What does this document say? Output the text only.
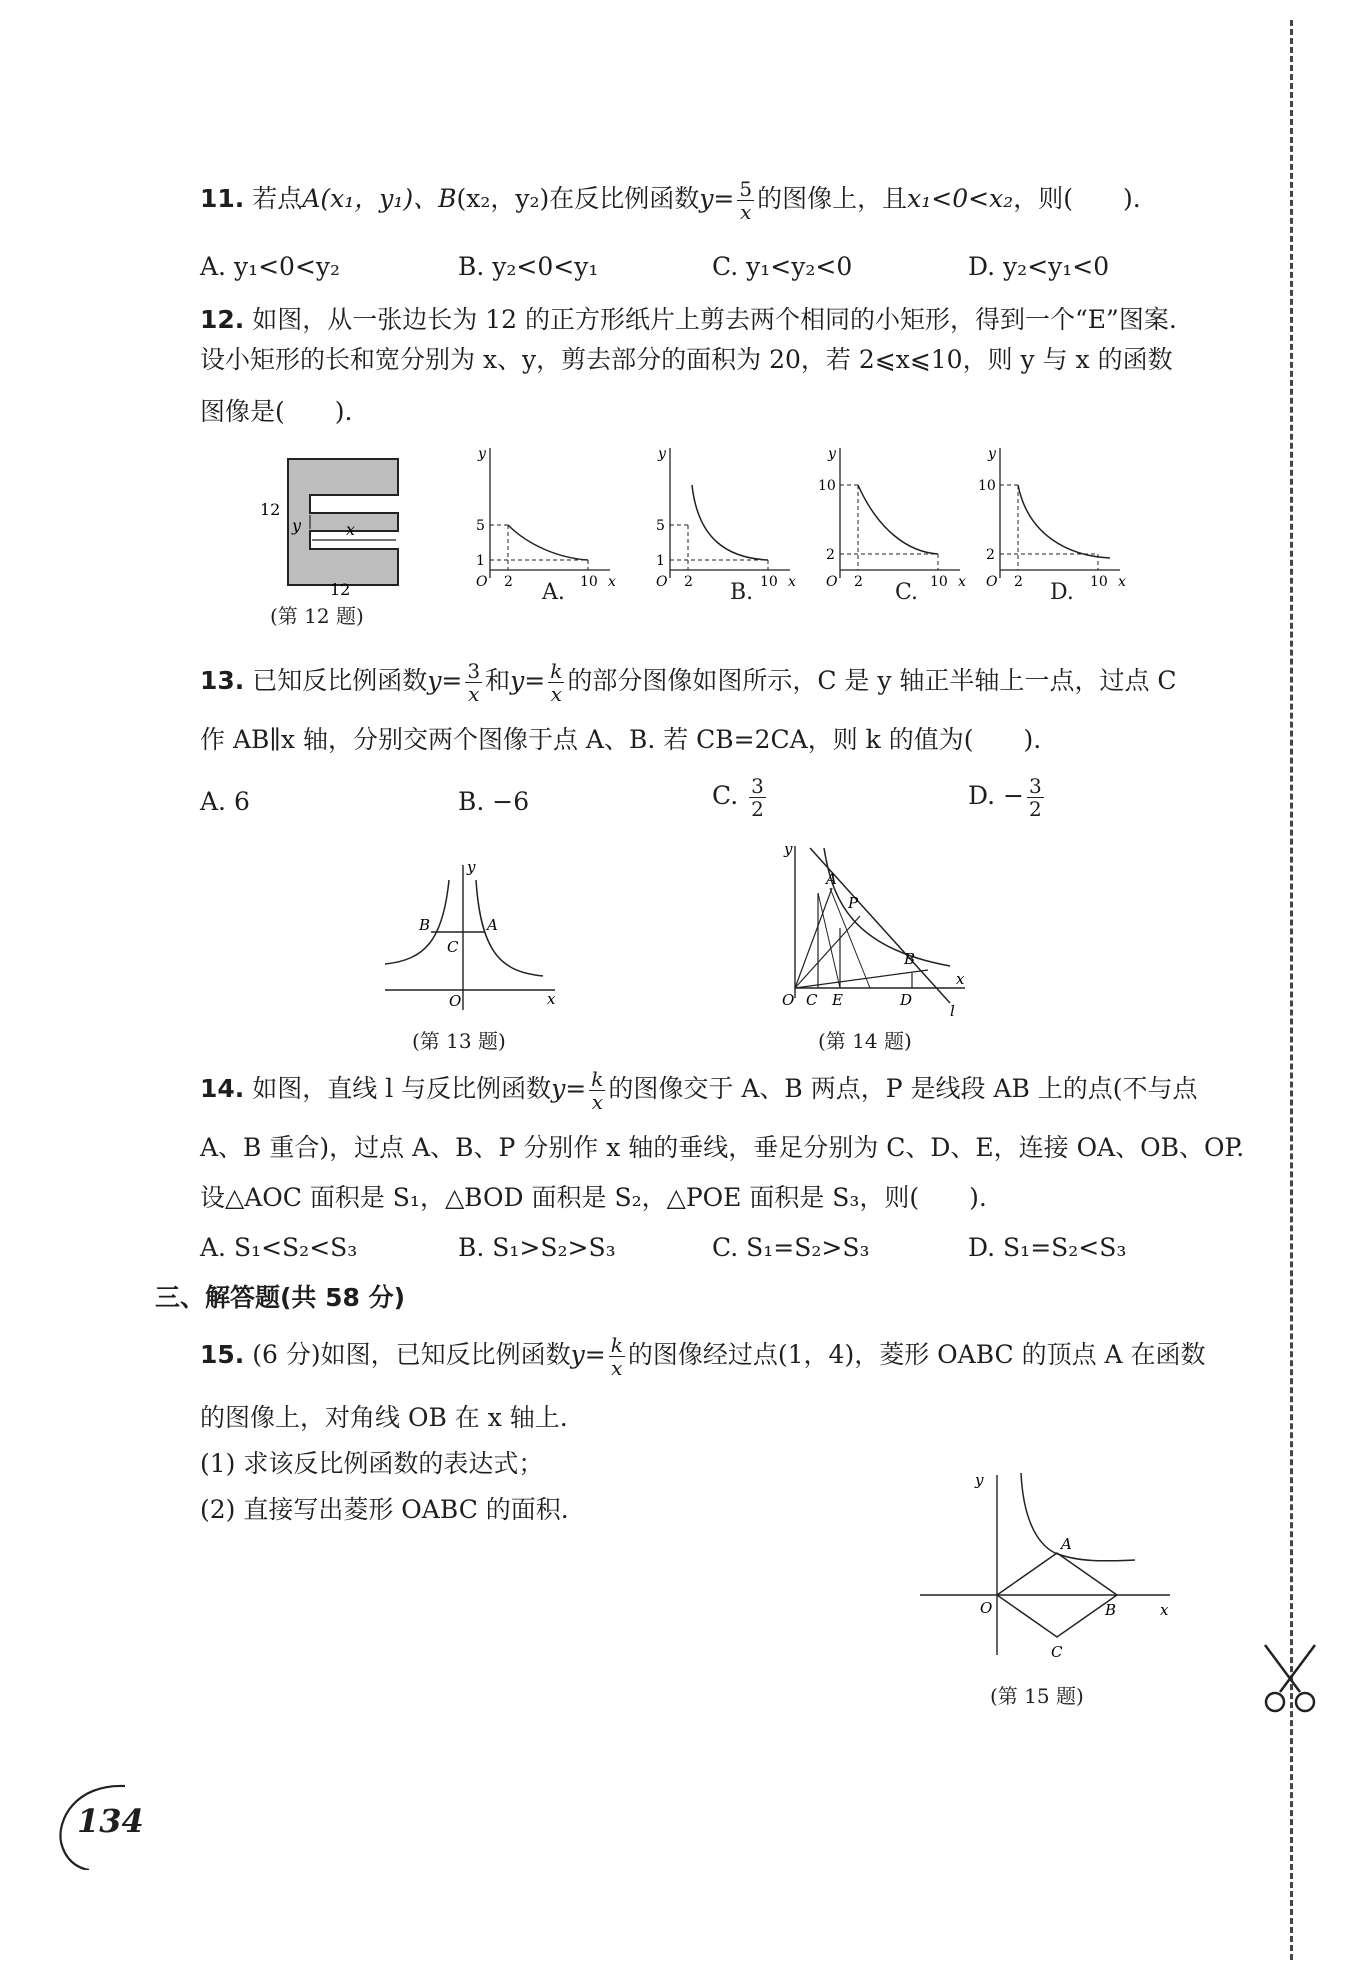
11. 若点A(x₁，y₁)、B(x₂，y₂)在反比例函数$y= \frac{5}{x}$ 的图像上，且x₁<0<x₂，则(　　).
A. y₁<0<y₂	B. y₂<0<y₁	C. y₁<y₂<0	D. y₂<y₁<0
12. 如图，从一张边长为 12 的正方形纸片上剪去两个相同的小矩形，得到一个“E”图案.
设小矩形的长和宽分别为 x、y，剪去部分的面积为 20，若 2⩽x⩽10，则 y 与 x 的函数
图像是(　　).
12
y	x
12
(第 12 题)
y
5
1
O 2	10 x
y
5
1
O 2	10 x
y
10
2
O 2	10 x
y
10
2
O 2	10 x
A.	B.	C.	D.
13. 已知反比例函数$y= \frac{3}{x}$ 和$y= \frac{k}{x}$ 的部分图像如图所示，C 是 y 轴正半轴上一点，过点 C
作 AB∥x 轴，分别交两个图像于点 A、B. 若 CB=2CA，则 k 的值为(　　).
A. 6	B. −6	C. $\frac{3}{2}$	D. − $\frac{3}{2}$
y
x
O
B	A
C
(第 13 题)
y
x
O C E	D
A
P
B
l
(第 14 题)
14. 如图，直线 l 与反比例函数$y= \frac{k}{x}$ 的图像交于 A、B 两点，P 是线段 AB 上的点(不与点
A、B 重合)，过点 A、B、P 分别作 x 轴的垂线，垂足分别为 C、D、E，连接 OA、OB、OP.
设△AOC 面积是 S₁，△BOD 面积是 S₂，△POE 面积是 S₃，则(　　).
A. S₁<S₂<S₃	B. S₁>S₂>S₃	C. S₁=S₂>S₃	D. S₁=S₂<S₃
三、解答题(共 58 分)
15. (6 分)如图，已知反比例函数$y= \frac{k}{x}$ 的图像经过点(1，4)，菱形 OABC 的顶点 A 在函数
的图像上，对角线 OB 在 x 轴上.
(1) 求该反比例函数的表达式；
(2) 直接写出菱形 OABC 的面积.
y
x
O
A
B
C
(第 15 题)
134
